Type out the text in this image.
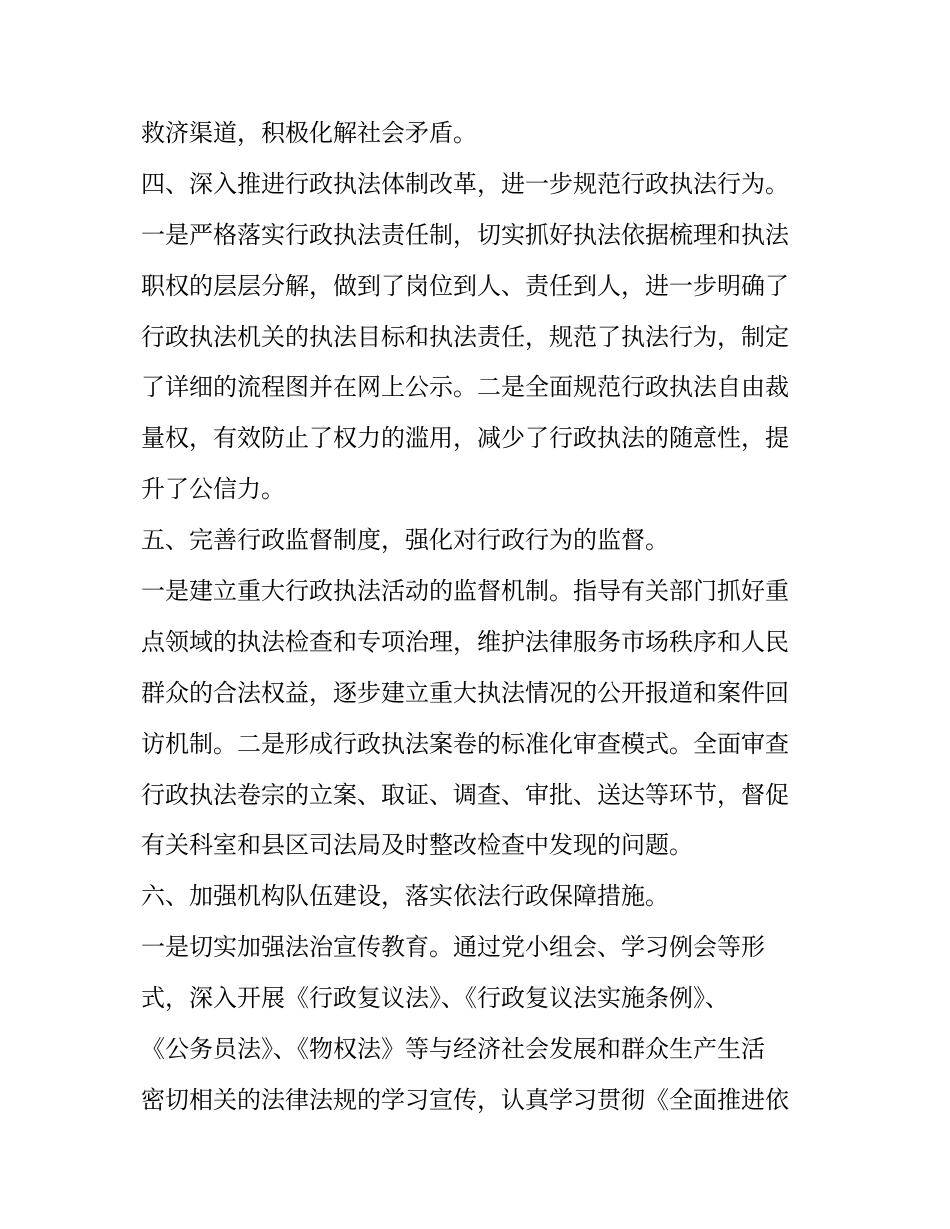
救济渠道，积极化解社会矛盾。
四、深入推进行政执法体制改革，进一步规范行政执法行为。
一是严格落实行政执法责任制，切实抓好执法依据梳理和执法
职权的层层分解，做到了岗位到人、责任到人，进一步明确了
行政执法机关的执法目标和执法责任，规范了执法行为，制定
了详细的流程图并在网上公示。二是全面规范行政执法自由裁
量权，有效防止了权力的滥用，减少了行政执法的随意性，提
升了公信力。
五、完善行政监督制度，强化对行政行为的监督。
一是建立重大行政执法活动的监督机制。指导有关部门抓好重
点领域的执法检查和专项治理，维护法律服务市场秩序和人民
群众的合法权益，逐步建立重大执法情况的公开报道和案件回
访机制。二是形成行政执法案卷的标准化审查模式。全面审查
行政执法卷宗的立案、取证、调查、审批、送达等环节，督促
有关科室和县区司法局及时整改检查中发现的问题。
六、加强机构队伍建设，落实依法行政保障措施。
一是切实加强法治宣传教育。通过党小组会、学习例会等形
式，深入开展《行政复议法》、《行政复议法实施条例》、
《公务员法》、《物权法》等与经济社会发展和群众生产生活
密切相关的法律法规的学习宣传，认真学习贯彻《全面推进依
